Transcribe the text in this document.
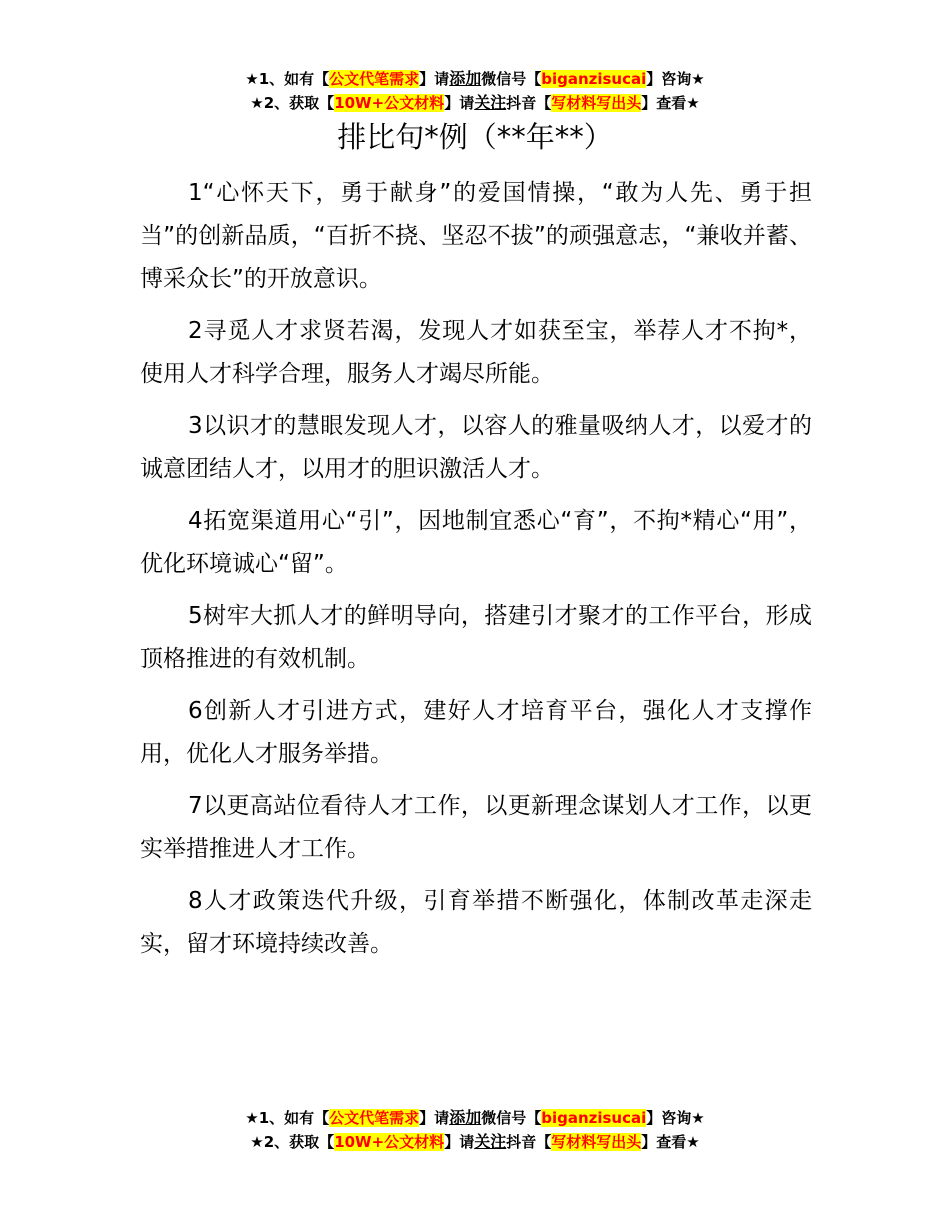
★1、如有【公文代笔需求】请添加微信号【biganzisucai】咨询★
★2、获取【10W+公文材料】请关注抖音【写材料写出头】查看★
排比句*例（**年**）

1“心怀天下，勇于献身”的爱国情操，“敢为人先、勇于担当”的创新品质，“百折不挠、坚忍不拔”的顽强意志，“兼收并蓄、博采众长”的开放意识。

2寻觅人才求贤若渴，发现人才如获至宝，举荐人才不拘*，使用人才科学合理，服务人才竭尽所能。

3以识才的慧眼发现人才，以容人的雅量吸纳人才，以爱才的诚意团结人才，以用才的胆识激活人才。

4拓宽渠道用心“引”，因地制宜悉心“育”，不拘*精心“用”，优化环境诚心“留”。

5树牢大抓人才的鲜明导向，搭建引才聚才的工作平台，形成顶格推进的有效机制。

6创新人才引进方式，建好人才培育平台，强化人才支撑作用，优化人才服务举措。

7以更高站位看待人才工作，以更新理念谋划人才工作，以更实举措推进人才工作。

8人才政策迭代升级，引育举措不断强化，体制改革走深走实，留才环境持续改善。

★1、如有【公文代笔需求】请添加微信号【biganzisucai】咨询★
★2、获取【10W+公文材料】请关注抖音【写材料写出头】查看★
